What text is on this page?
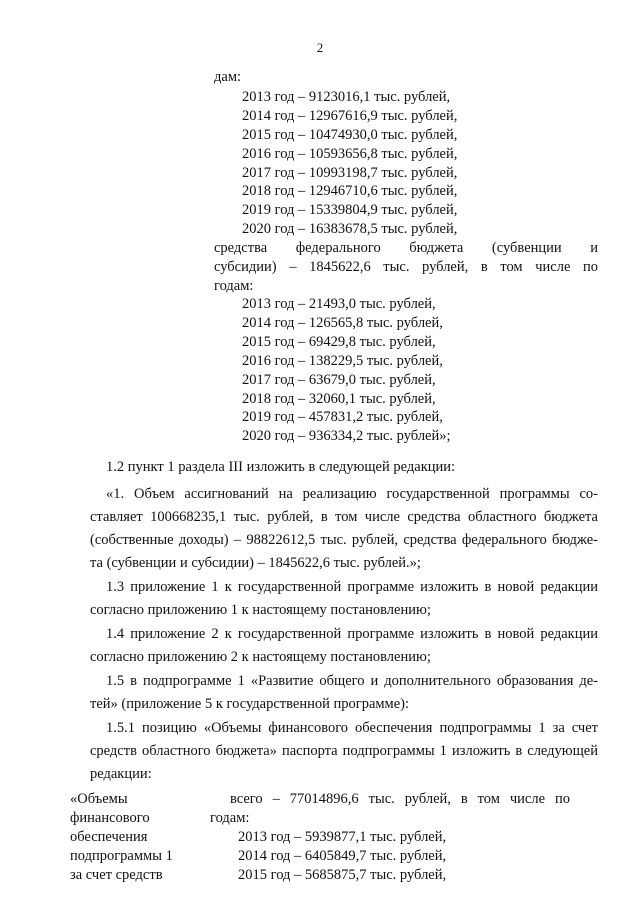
2
дам:
2013 год – 9123016,1 тыс. рублей,
2014 год – 12967616,9 тыс. рублей,
2015 год – 10474930,0 тыс. рублей,
2016 год – 10593656,8 тыс. рублей,
2017 год – 10993198,7 тыс. рублей,
2018 год – 12946710,6 тыс. рублей,
2019 год – 15339804,9 тыс. рублей,
2020 год – 16383678,5 тыс. рублей,
средства федерального бюджета (субвенции и
субсидии) – 1845622,6 тыс. рублей, в том числе по
годам:
2013 год – 21493,0 тыс. рублей,
2014 год – 126565,8 тыс. рублей,
2015 год – 69429,8 тыс. рублей,
2016 год – 138229,5 тыс. рублей,
2017 год – 63679,0 тыс. рублей,
2018 год – 32060,1 тыс. рублей,
2019 год – 457831,2 тыс. рублей,
2020 год – 936334,2 тыс. рублей»;
1.2 пункт 1 раздела III изложить в следующей редакции:
«1. Объем ассигнований на реализацию государственной программы со-
ставляет 100668235,1 тыс. рублей, в том числе средства областного бюджета
(собственные доходы) – 98822612,5 тыс. рублей, средства федерального бюдже-
та (субвенции и субсидии) – 1845622,6 тыс. рублей.»;
1.3 приложение 1 к государственной программе изложить в новой редакции
согласно приложению 1 к настоящему постановлению;
1.4 приложение 2 к государственной программе изложить в новой редакции
согласно приложению 2 к настоящему постановлению;
1.5 в подпрограмме 1 «Развитие общего и дополнительного образования де-
тей» (приложение 5 к государственной программе):
1.5.1 позицию «Объемы финансового обеспечения подпрограммы 1 за счет
средств областного бюджета» паспорта подпрограммы 1 изложить в следующей
редакции:
«Объемы
финансового
обеспечения
подпрограммы 1
за счет средств
всего – 77014896,6 тыс. рублей, в том числе по
годам:
2013 год – 5939877,1 тыс. рублей,
2014 год – 6405849,7 тыс. рублей,
2015 год – 5685875,7 тыс. рублей,
